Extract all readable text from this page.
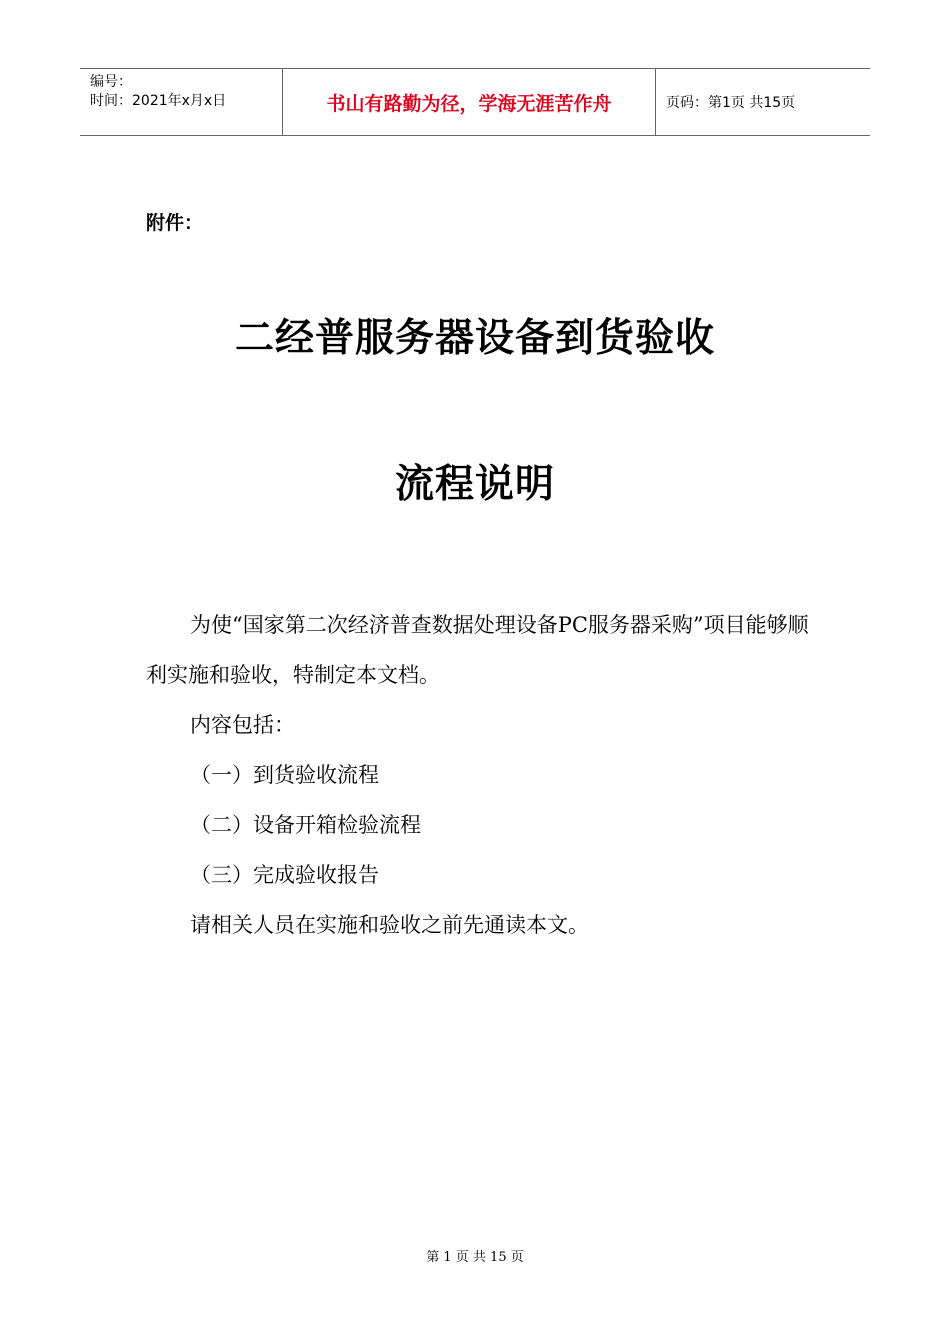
编号：
时间：2021年x月x日	书山有路勤为径，学海无涯苦作舟	页码：第1页 共15页
附件：
二经普服务器设备到货验收
流程说明

为使“国家第二次经济普查数据处理设备PC服务器采购”项目能够顺利实施和验收，特制定本文档。

内容包括：

（一）到货验收流程

（二）设备开箱检验流程

（三）完成验收报告

请相关人员在实施和验收之前先通读本文。

第 1 页 共 15 页
